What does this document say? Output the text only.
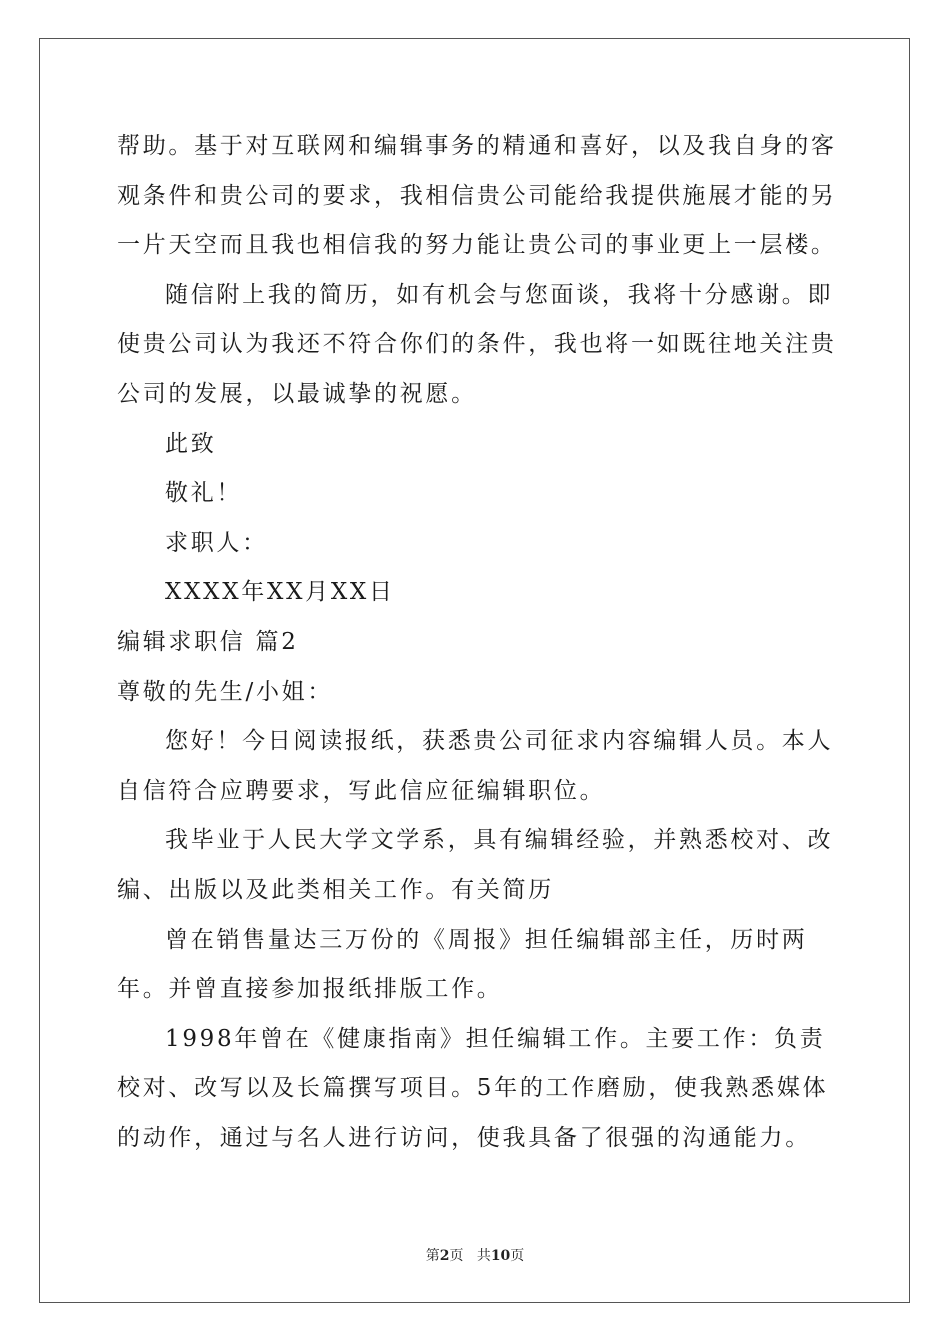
帮助。基于对互联网和编辑事务的精通和喜好，以及我自身的客观条件和贵公司的要求，我相信贵公司能给我提供施展才能的另一片天空而且我也相信我的努力能让贵公司的事业更上一层楼。

随信附上我的简历，如有机会与您面谈，我将十分感谢。即使贵公司认为我还不符合你们的条件，我也将一如既往地关注贵公司的发展，以最诚挚的祝愿。

此致

敬礼！

求职人：

XXXX年XX月XX日

编辑求职信 篇2

尊敬的先生/小姐：

您好！今日阅读报纸，获悉贵公司征求内容编辑人员。本人自信符合应聘要求，写此信应征编辑职位。

我毕业于人民大学文学系，具有编辑经验，并熟悉校对、改编、出版以及此类相关工作。有关简历

曾在销售量达三万份的《周报》担任编辑部主任，历时两年。并曾直接参加报纸排版工作。

1998年曾在《健康指南》担任编辑工作。主要工作：负责校对、改写以及长篇撰写项目。5年的工作磨励，使我熟悉媒体的动作，通过与名人进行访问，使我具备了很强的沟通能力。

第2页 共10页
